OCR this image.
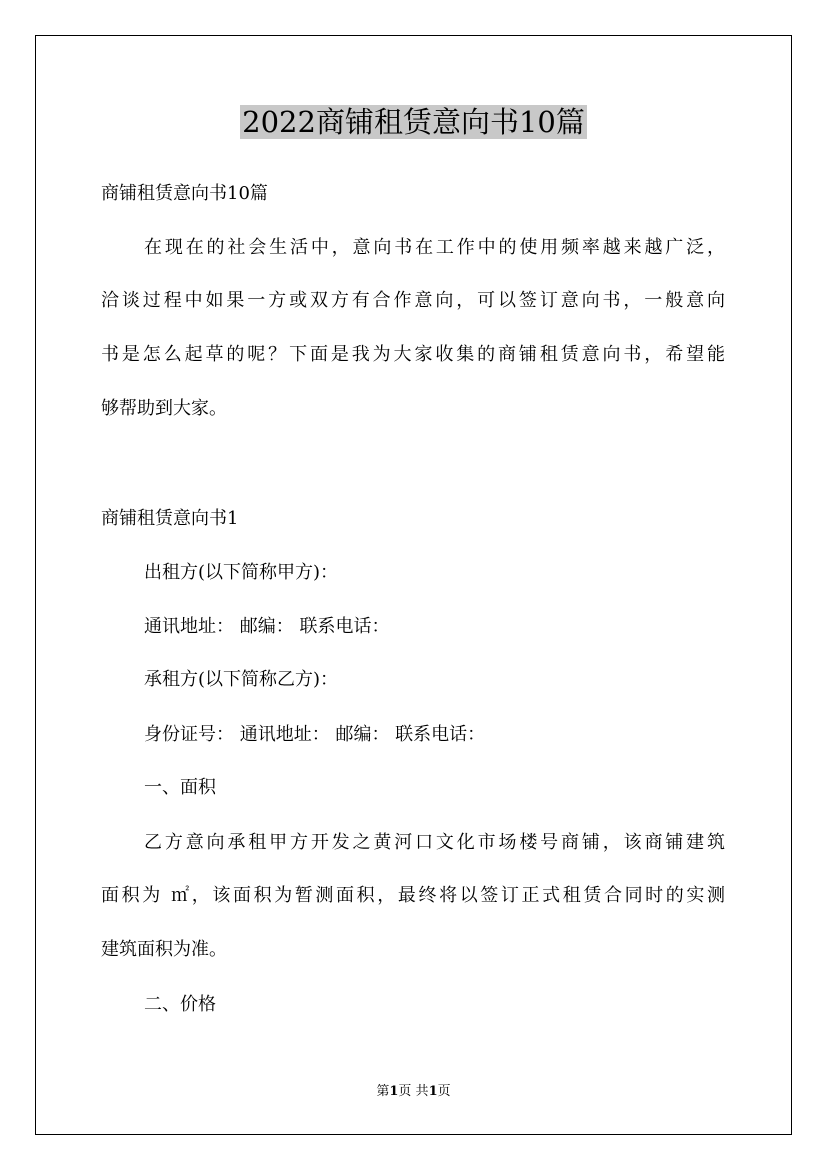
2022商铺租赁意向书10篇
商铺租赁意向书10篇
在现在的社会生活中，意向书在工作中的使用频率越来越广泛，
洽谈过程中如果一方或双方有合作意向，可以签订意向书，一般意向
书是怎么起草的呢？下面是我为大家收集的商铺租赁意向书，希望能
够帮助到大家。
商铺租赁意向书1
出租方(以下简称甲方)：
通讯地址： 邮编： 联系电话：
承租方(以下简称乙方)：
身份证号： 通讯地址： 邮编： 联系电话：
一、面积
乙方意向承租甲方开发之黄河口文化市场楼号商铺，该商铺建筑
面积为 ㎡，该面积为暂测面积，最终将以签订正式租赁合同时的实测
建筑面积为准。
二、价格
第1页 共1页
